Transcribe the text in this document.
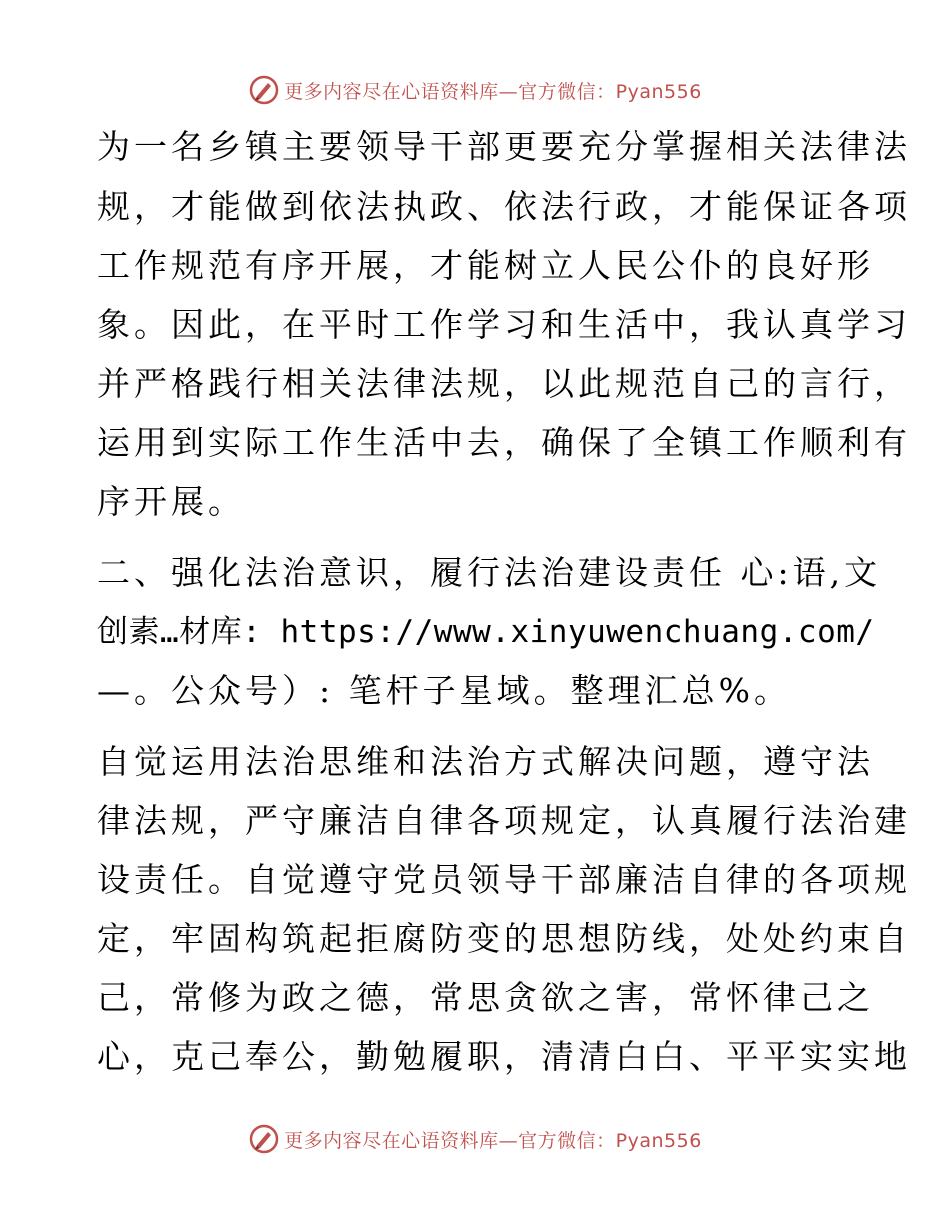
更多内容尽在心语资料库—官方微信：Pyan556
为一名乡镇主要领导干部更要充分掌握相关法律法
规，才能做到依法执政、依法行政，才能保证各项
工作规范有序开展，才能树立人民公仆的良好形
象。因此，在平时工作学习和生活中，我认真学习
并严格践行相关法律法规，以此规范自己的言行，
运用到实际工作生活中去，确保了全镇工作顺利有
序开展。
二、强化法治意识，履行法治建设责任 心:语,文
创素…材库: https://www.xinyuwenchuang.com/
—。公众号）: 笔杆子星域。整理汇总%。
自觉运用法治思维和法治方式解决问题，遵守法
律法规，严守廉洁自律各项规定，认真履行法治建
设责任。自觉遵守党员领导干部廉洁自律的各项规
定，牢固构筑起拒腐防变的思想防线，处处约束自
己，常修为政之德，常思贪欲之害，常怀律己之
心，克己奉公，勤勉履职，清清白白、平平实实地
更多内容尽在心语资料库—官方微信：Pyan556
